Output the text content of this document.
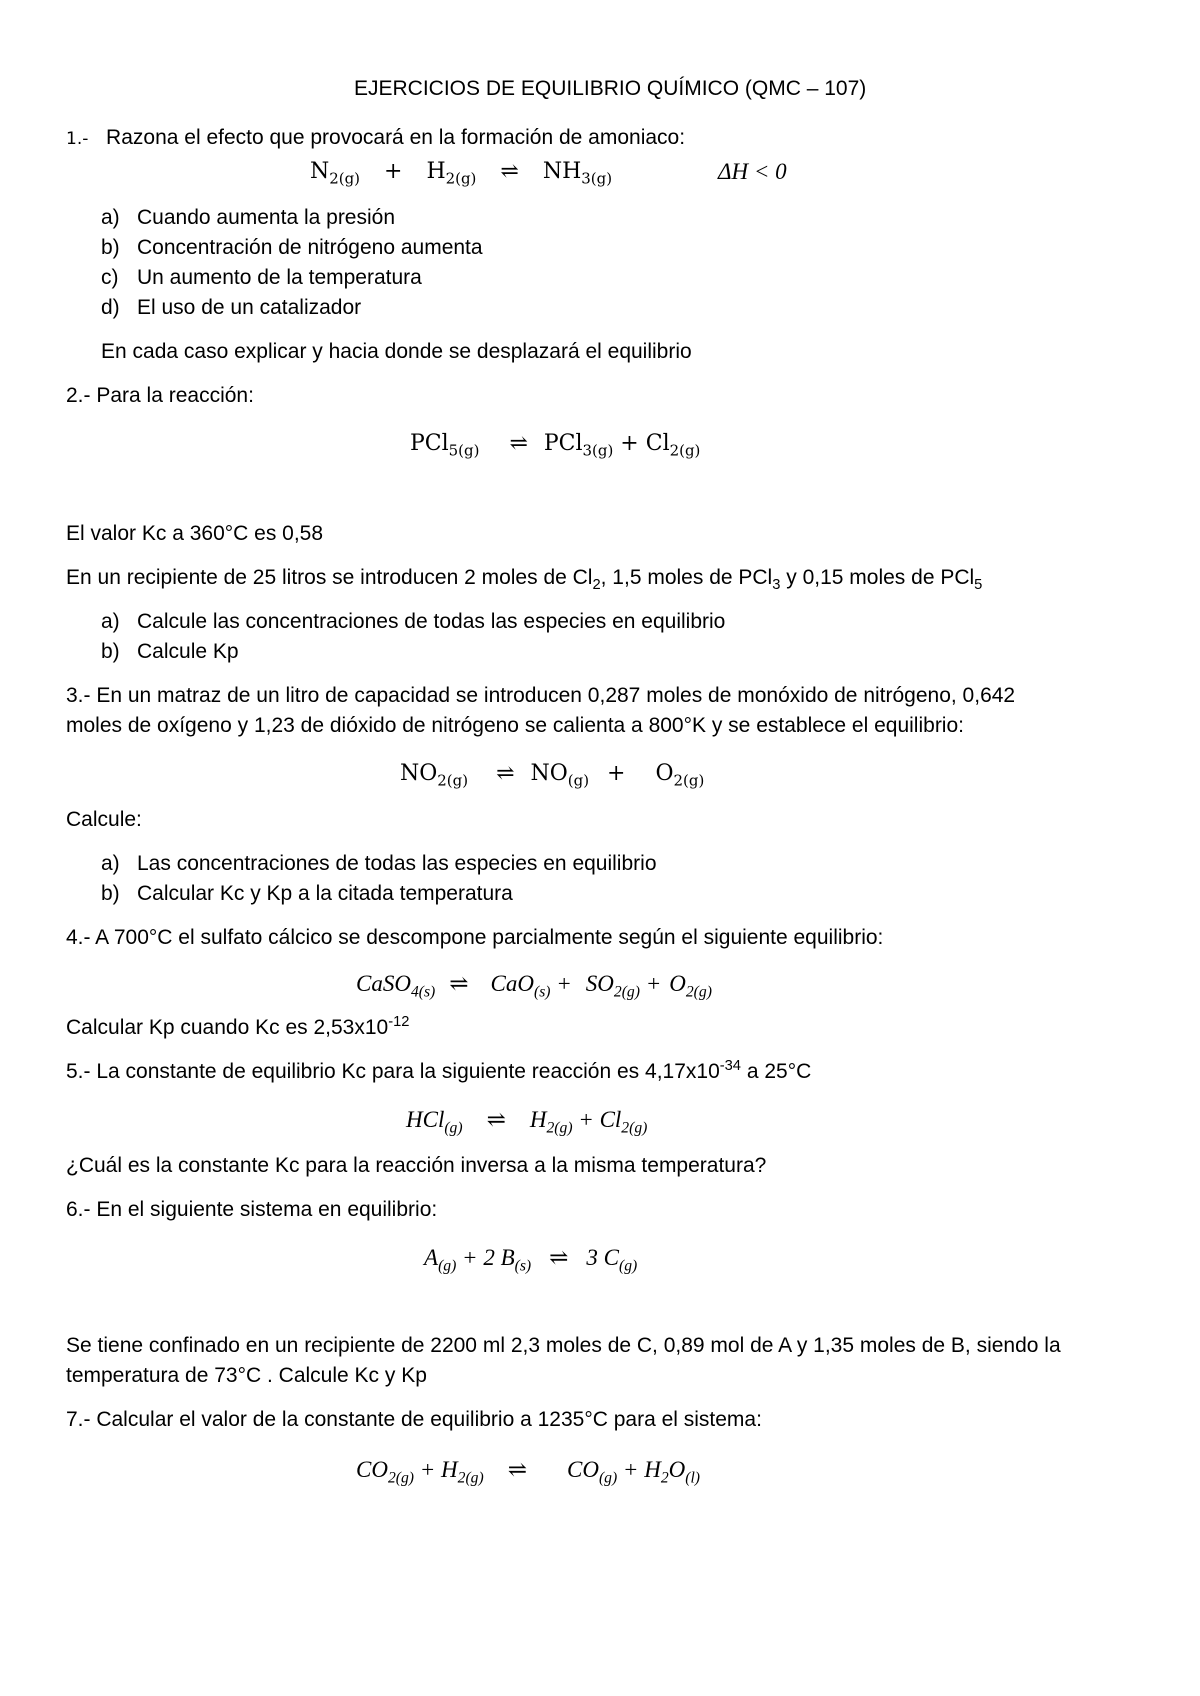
EJERCICIOS DE EQUILIBRIO QUÍMICO (QMC – 107)
1.- Razona el efecto que provocará en la formación de amoniaco:
$N_{2(g)} + H_{2(g)}$ ⇌ $NH_{3(g)}$	ΔH < 0
a) Cuando aumenta la presión
b) Concentración de nitrógeno aumenta
c) Un aumento de la temperatura
d) El uso de un catalizador
En cada caso explicar y hacia donde se desplazará el equilibrio
2.- Para la reacción:
PCl$_{5(g)}$ ⇌ $PCl_{3(g)} + Cl_{2(g)}$
El valor Kc a 360°C es 0,58
En un recipiente de 25 litros se introducen 2 moles de $Cl_2$, 1,5 moles de PCl$_3$ y 0,15 moles de PCl$_5$
a) Calcule las concentraciones de todas las especies en equilibrio
b) Calcule Kp
3.- En un matraz de un litro de capacidad se introducen 0,287 moles de monóxido de nitrógeno, 0,642
moles de oxígeno y 1,23 de dióxido de nitrógeno se calienta a 800°K y se establece el equilibrio:
$NO_{2(g)}$ ⇌ $NO_{(g)} + O_{2(g)}$
Calcule:
a) Las concentraciones de todas las especies en equilibrio
b) Calcular Kc y Kp a la citada temperatura
4.- A 700°C el sulfato cálcico se descompone parcialmente según el siguiente equilibrio:
CaSO$_{4(s)}$ ⇌ $CaO_{(s)} + SO_{2(g)} + O_{2(g)}$
Calcular Kp cuando Kc es $2,53x10^{-12}$
5.- La constante de equilibrio Kc para la siguiente reacción es $4,17x10^{-34}$ a 25°C
HCl$_{(g)}$ ⇌ $H_{2(g)} + Cl_{2(g)}$
¿Cuál es la constante Kc para la reacción inversa a la misma temperatura?
6.- En el siguiente sistema en equilibrio:
$A_{(g)} + 2$ $B_{(s)}$ ⇌ 3 $C_{(g)}$
Se tiene confinado en un recipiente de 2200 ml 2,3 moles de C, 0,89 mol de A y 1,35 moles de B, siendo la
temperatura de 73°C . Calcule Kc y Kp
7.- Calcular el valor de la constante de equilibrio a 1235°C para el sistema:
$CO_{2(g)} + H_{2(g)}$ ⇌ $CO_{(g)} + H_2O_{(l)}$
